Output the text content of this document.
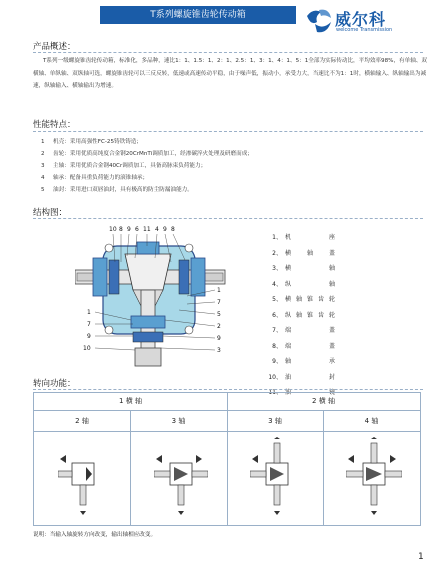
T系列螺旋锥齿轮传动箱	威尔科
welcome Transmission
产品概述：

T系列一级螺旋锥齿轮传动箱，标准化，多品种，速比1：1、1.5：1、2：1、2.5：1、3：1、4：1、5：1全部为实际传动比，平均效率98%，有单轴、双横轴、单纵轴、双纵轴可选，螺旋锥齿轮可以三反反转，低速或高速传动平稳，由于噪声低，振动小，承受力大，当速比不为1：1时，横轴输入、纵轴输出为减速，纵轴输入、横轴输出为增速。

性能特点：
1 机壳：采用高强性FC-25铸铁铸造；
2 齿轮：采用优质高纯度合金钢20CrMnTi调质加工，经渗碳淬火处理及研磨而成；
3 主轴：采用优质合金钢40Cr调质加工，具备高脉束负荷能力；
4 轴承：配备具重负荷能力的滚锥轴承；
5 油封：采用进口双唇油封，具有极高的防尘防漏油能力。
结构图：
10 8 9 6 11 4 9 8
1
7
5
2
9
3
1
7
9
10
1、 机座
2、 横轴盖
3、 横轴
4、 纵轴
5、 横轴锥齿轮
6、 纵轴锥齿轮
7、 端盖
8、 端盖
9、 轴承
10、 油封
11、 油镜
转向功能：
1 横 轴	2 横 轴
2 轴	3 轴	3 轴	4 轴
说明：当输入轴旋转方向改变，输出轴相应改变。
1
